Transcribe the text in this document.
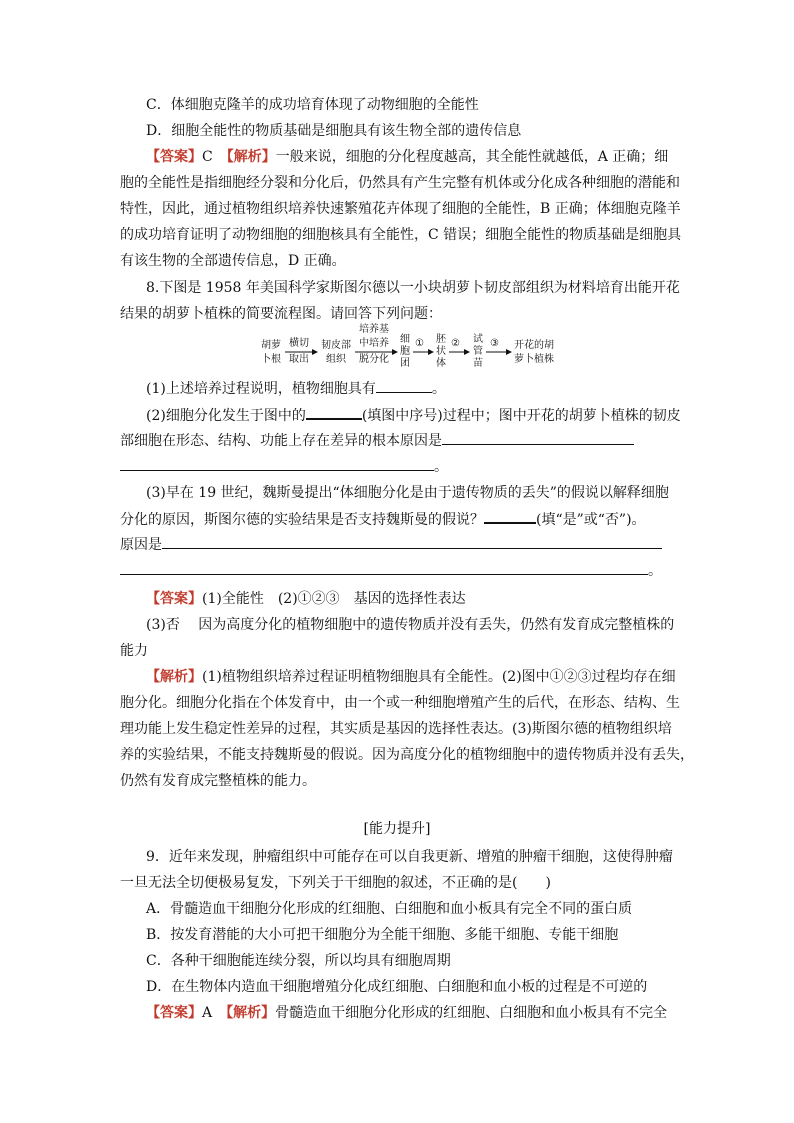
C．体细胞克隆羊的成功培育体现了动物细胞的全能性
D．细胞全能性的物质基础是细胞具有该生物全部的遗传信息
【答案】C　 【解析】一般来说，细胞的分化程度越高，其全能性就越低，A 正确；细
胞的全能性是指细胞经分裂和分化后，仍然具有产生完整有机体或分化成各种细胞的潜能和
特性，因此，通过植物组织培养快速繁殖花卉体现了细胞的全能性，B 正确；体细胞克隆羊
的成功培育证明了动物细胞的细胞核具有全能性，C 错误；细胞全能性的物质基础是细胞具
有该生物的全部遗传信息，D 正确。
8.下图是 1958 年美国科学家斯图尔德以一小块胡萝卜韧皮部组织为材料培育出能开花
结果的胡萝卜植株的简要流程图。请回答下列问题：
胡萝
卜根
横切
取出
韧皮部
组织
培养基
中培养
脱分化
细
胞
团
① 胚
状
体
② 试
管
苗
③ 开花的胡
萝卜植株
(1)上述培养过程说明，植物细胞具有	。
(2)细胞分化发生于图中的	(填图中序号)过程中；图中开花的胡萝卜植株的韧皮
部细胞在形态、结构、功能上存在差异的根本原因是
。
(3)早在 19 世纪，魏斯曼提出“体细胞分化是由于遗传物质的丢失”的假说以解释细胞
分化的原因，斯图尔德的实验结果是否支持魏斯曼的假说？	(填“是”或“否”)。
原因是
。
【答案】(1)全能性　(2)①②③　基因的选择性表达
(3)否　 因为高度分化的植物细胞中的遗传物质并没有丢失，仍然有发育成完整植株的
能力
【解析】(1)植物组织培养过程证明植物细胞具有全能性。(2)图中①②③过程均存在细
胞分化。细胞分化指在个体发育中，由一个或一种细胞增殖产生的后代，在形态、结构、生
理功能上发生稳定性差异的过程，其实质是基因的选择性表达。(3)斯图尔德的植物组织培
养的实验结果，不能支持魏斯曼的假说。因为高度分化的植物细胞中的遗传物质并没有丢失，
仍然有发育成完整植株的能力。
[能力提升]
9．近年来发现，肿瘤组织中可能存在可以自我更新、增殖的肿瘤干细胞，这使得肿瘤
一旦无法全切便极易复发，下列关于干细胞的叙述，不正确的是(　　)
A．骨髓造血干细胞分化形成的红细胞、白细胞和血小板具有完全不同的蛋白质
B．按发育潜能的大小可把干细胞分为全能干细胞、多能干细胞、专能干细胞
C．各种干细胞能连续分裂，所以均具有细胞周期
D．在生物体内造血干细胞增殖分化成红细胞、白细胞和血小板的过程是不可逆的
【答案】A　 【解析】骨髓造血干细胞分化形成的红细胞、白细胞和血小板具有不完全
